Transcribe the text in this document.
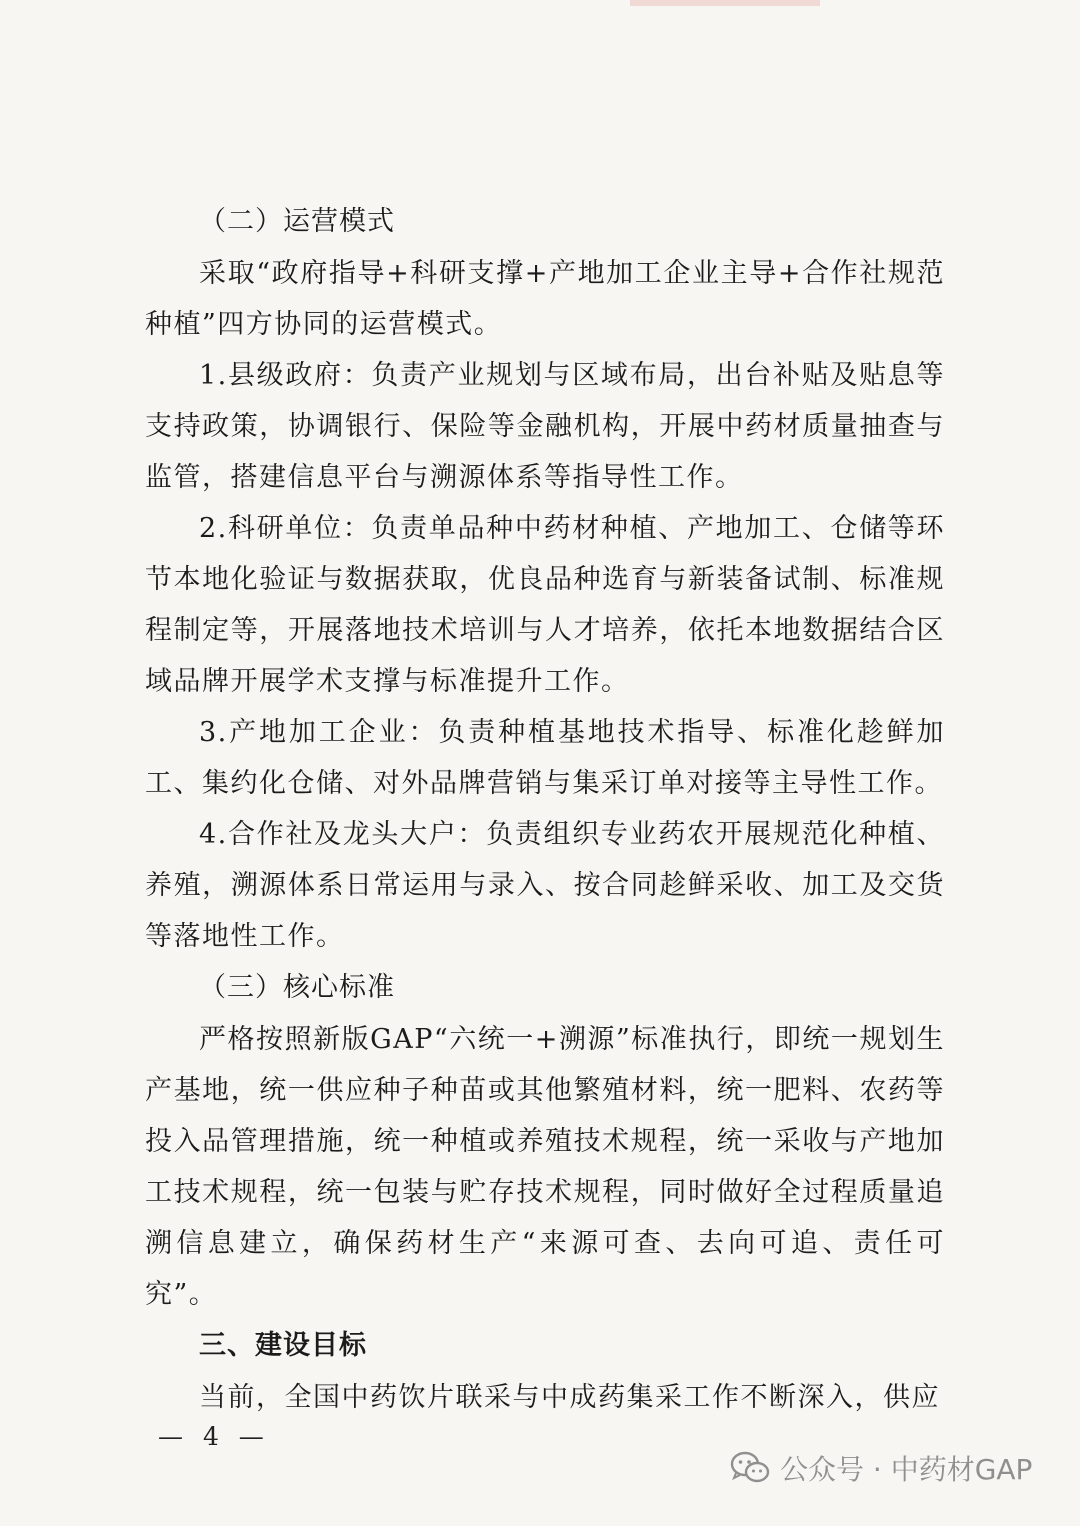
（二）运营模式

采取“政府指导+科研支撑+产地加工企业主导+合作社规范种植”四方协同的运营模式。

1.县级政府：负责产业规划与区域布局，出台补贴及贴息等支持政策，协调银行、保险等金融机构，开展中药材质量抽查与监管，搭建信息平台与溯源体系等指导性工作。

2.科研单位：负责单品种中药材种植、产地加工、仓储等环节本地化验证与数据获取，优良品种选育与新装备试制、标准规程制定等，开展落地技术培训与人才培养，依托本地数据结合区域品牌开展学术支撑与标准提升工作。

3.产地加工企业：负责种植基地技术指导、标准化趁鲜加工、集约化仓储、对外品牌营销与集采订单对接等主导性工作。

4.合作社及龙头大户：负责组织专业药农开展规范化种植、养殖，溯源体系日常运用与录入、按合同趁鲜采收、加工及交货等落地性工作。

（三）核心标准

严格按照新版GAP“六统一+溯源”标准执行，即统一规划生产基地，统一供应种子种苗或其他繁殖材料，统一肥料、农药等投入品管理措施，统一种植或养殖技术规程，统一采收与产地加工技术规程，统一包装与贮存技术规程，同时做好全过程质量追溯信息建立，确保药材生产“来源可查、去向可追、责任可究”。

三、建设目标

当前，全国中药饮片联采与中成药集采工作不断深入，供应

— 4 —
公众号 · 中药材GAP
